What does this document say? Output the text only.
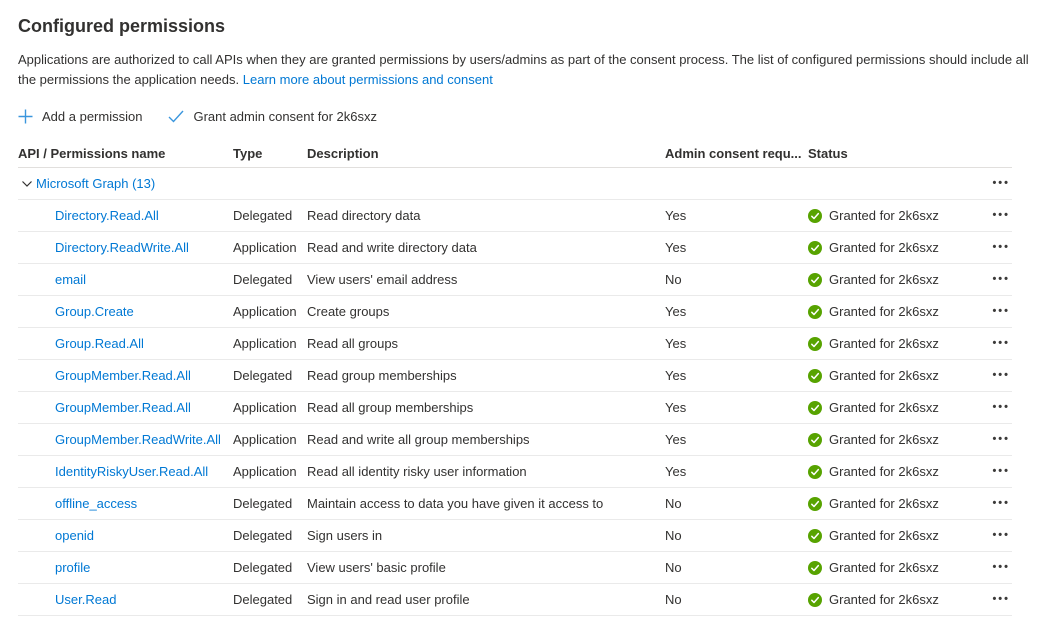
Configured permissions
Applications are authorized to call APIs when they are granted permissions by users/admins as part of the consent process. The list of configured permissions should include all the permissions the application needs. Learn more about permissions and consent
Add a permission	Grant admin consent for 2k6sxz
API / Permissions name	Type	Description	Admin consent requ... Status
Microsoft Graph (13)	•••
Directory.Read.All	Delegated	Read directory data	Yes	Granted for 2k6sxz	•••
Directory.ReadWrite.All	Application Read and write directory data	Yes	Granted for 2k6sxz	•••
email	Delegated	View users' email address	No	Granted for 2k6sxz	•••
Group.Create	Application Create groups	Yes	Granted for 2k6sxz	•••
Group.Read.All	Application Read all groups	Yes	Granted for 2k6sxz	•••
GroupMember.Read.All	Delegated	Read group memberships	Yes	Granted for 2k6sxz	•••
GroupMember.Read.All	Application Read all group memberships	Yes	Granted for 2k6sxz	•••
GroupMember.ReadWrite.All Application Read and write all group memberships	Yes	Granted for 2k6sxz	•••
IdentityRiskyUser.Read.All	Application Read all identity risky user information	Yes	Granted for 2k6sxz	•••
offline_access	Delegated	Maintain access to data you have given it access to	No	Granted for 2k6sxz	•••
openid	Delegated	Sign users in	No	Granted for 2k6sxz	•••
profile	Delegated	View users' basic profile	No	Granted for 2k6sxz	•••
User.Read	Delegated	Sign in and read user profile	No	Granted for 2k6sxz	•••
